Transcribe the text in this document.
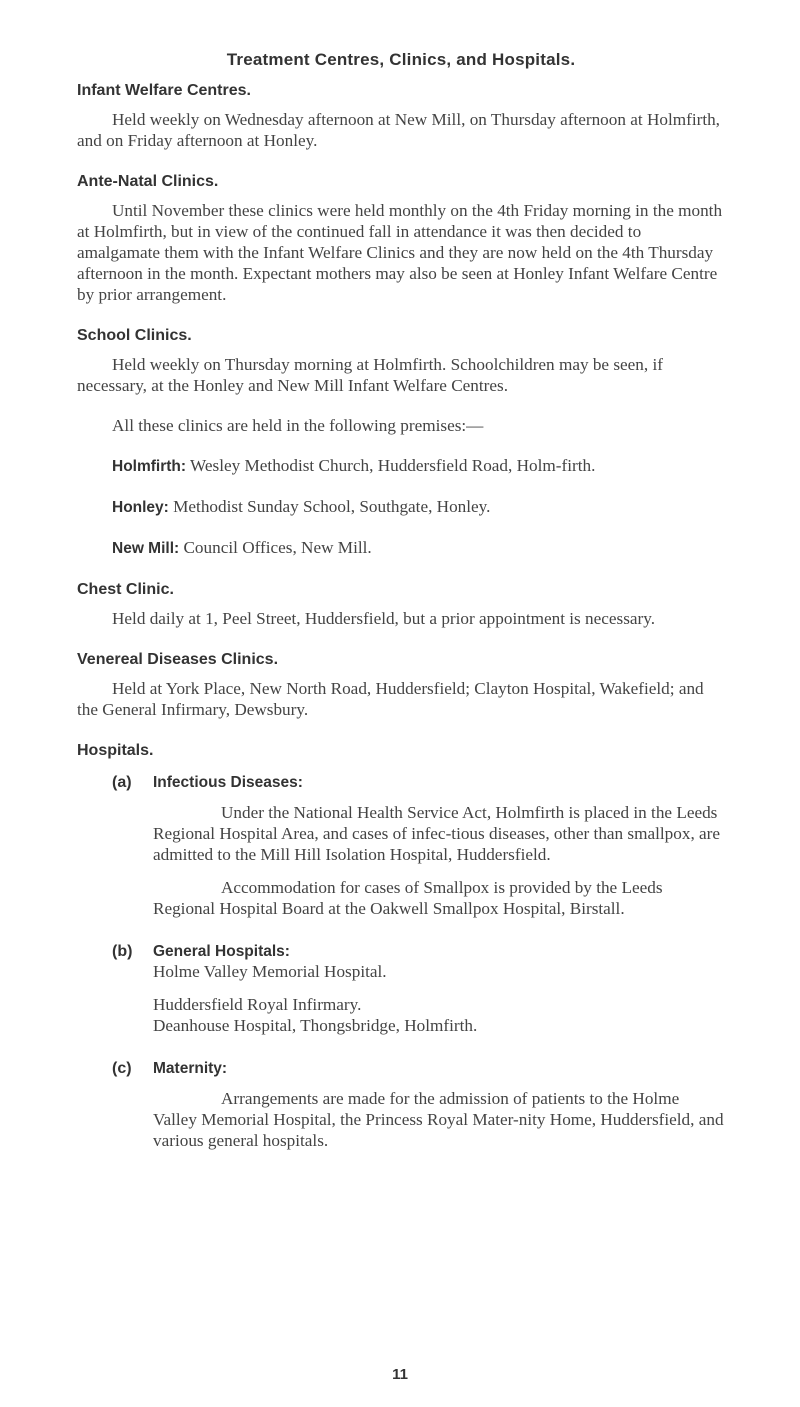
Treatment Centres, Clinics, and Hospitals.
Infant Welfare Centres.

Held weekly on Wednesday afternoon at New Mill, on Thursday afternoon at Holmfirth, and on Friday afternoon at Honley.

Ante-Natal Clinics.

Until November these clinics were held monthly on the 4th Friday morning in the month at Holmfirth, but in view of the continued fall in attendance it was then decided to amalgamate them with the Infant Welfare Clinics and they are now held on the 4th Thursday afternoon in the month. Expectant mothers may also be seen at Honley Infant Welfare Centre by prior arrangement.

School Clinics.

Held weekly on Thursday morning at Holmfirth. Schoolchildren may be seen, if necessary, at the Honley and New Mill Infant Welfare Centres.

All these clinics are held in the following premises:—

Holmfirth: Wesley Methodist Church, Huddersfield Road, Holm-firth.

Honley: Methodist Sunday School, Southgate, Honley.

New Mill: Council Offices, New Mill.

Chest Clinic.

Held daily at 1, Peel Street, Huddersfield, but a prior appointment is necessary.

Venereal Diseases Clinics.

Held at York Place, New North Road, Huddersfield; Clayton Hospital, Wakefield; and the General Infirmary, Dewsbury.

Hospitals.
(a)	Infectious Diseases:

Under the National Health Service Act, Holmfirth is placed in the Leeds Regional Hospital Area, and cases of infec-tious diseases, other than smallpox, are admitted to the Mill Hill Isolation Hospital, Huddersfield.

Accommodation for cases of Smallpox is provided by the Leeds Regional Hospital Board at the Oakwell Smallpox Hospital, Birstall.

(b)	General Hospitals:

Holme Valley Memorial Hospital.

Huddersfield Royal Infirmary.

Deanhouse Hospital, Thongsbridge, Holmfirth.

(c)	Maternity:

Arrangements are made for the admission of patients to the Holme Valley Memorial Hospital, the Princess Royal Mater-nity Home, Huddersfield, and various general hospitals.

11
